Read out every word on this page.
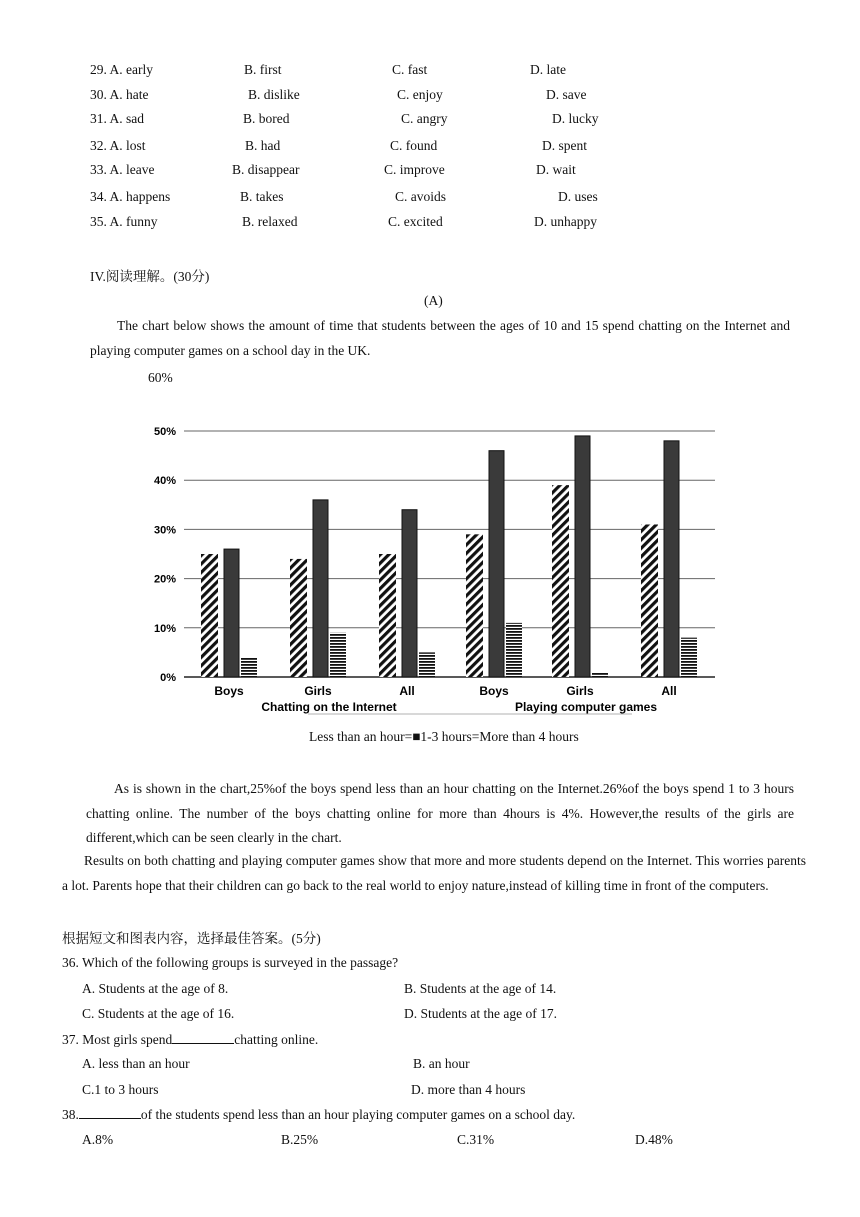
29. A. early	B. first	C. fast	D. late
30. A. hate	B. dislike	C. enjoy	D. save
31. A. sad	B. bored	C. angry	D. lucky
32. A. lost	B. had	C. found	D. spent
33. A. leave	B. disappear	C. improve	D. wait
34. A. happens	B. takes	C. avoids	D. uses
35. A. funny	B. relaxed	C. excited	D. unhappy
IV.阅读理解。(30分)
(A)
The chart below shows the amount of time that students between the ages of 10 and 15 spend chatting on the Internet and playing computer games on a school day in the UK.
60%
50%
40%
30%
20%
10%
0%
Boys	Girls	All	Boys	Girls	All
Chatting on the Internet	Playing computer games
Less than an hour=■1-3 hours=More than 4 hours
As is shown in the chart,25%of the boys spend less than an hour chatting on the Internet.26%of the boys spend 1 to 3 hours chatting online. The number of the boys chatting online for more than 4hours is 4%. However,the results of the girls are different,which can be seen clearly in the chart.
Results on both chatting and playing computer games show that more and more students depend on the Internet. This worries parents a lot. Parents hope that their children can go back to the real world to enjoy nature,instead of killing time in front of the computers.
根据短文和图表内容，选择最佳答案。(5分)
36. Which of the following groups is surveyed in the passage?
A. Students at the age of 8.	B. Students at the age of 14.
C. Students at the age of 16.	D. Students at the age of 17.
37. Most girls spend	chatting online.
A. less than an hour	B. an hour
C.1 to 3 hours	D. more than 4 hours
38.	of the students spend less than an hour playing computer games on a school day.
A.8%	B.25%	C.31%	D.48%
